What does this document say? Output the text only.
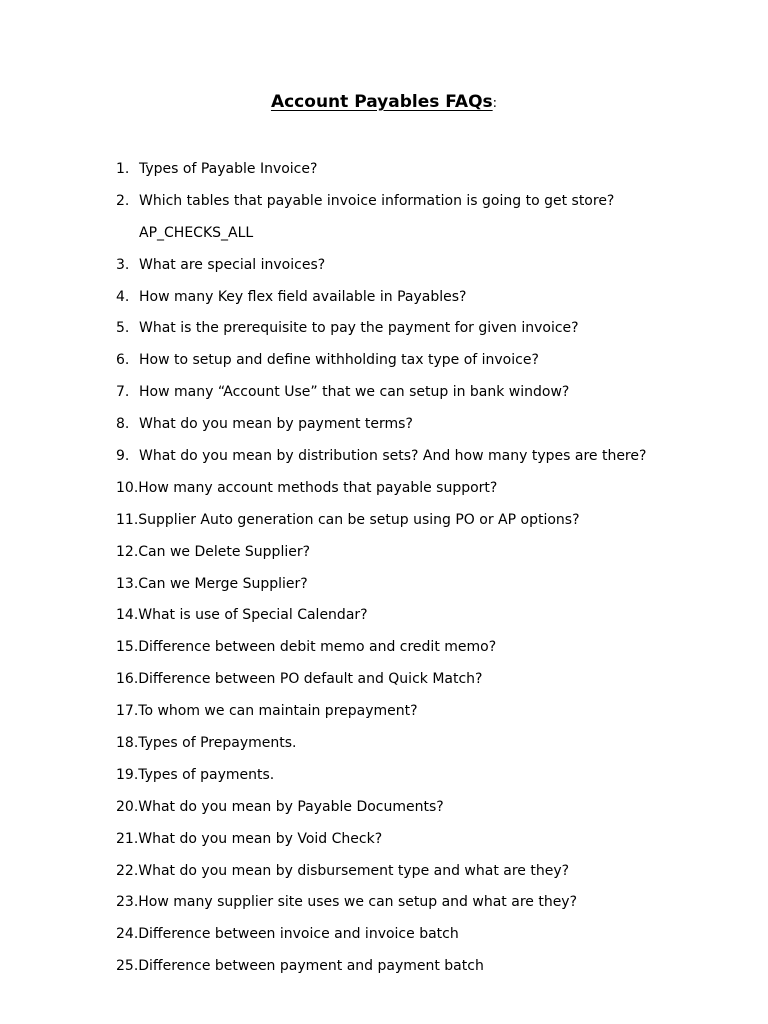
Account Payables FAQs:
1. Types of Payable Invoice?
2. Which tables that payable invoice information is going to get store?
AP_CHECKS_ALL
3. What are special invoices?
4. How many Key flex field available in Payables?
5. What is the prerequisite to pay the payment for given invoice?
6. How to setup and define withholding tax type of invoice?
7. How many “Account Use” that we can setup in bank window?
8. What do you mean by payment terms?
9. What do you mean by distribution sets? And how many types are there?
10. How many account methods that payable support?
11. Supplier Auto generation can be setup using PO or AP options?
12. Can we Delete Supplier?
13. Can we Merge Supplier?
14. What is use of Special Calendar?
15. Difference between debit memo and credit memo?
16. Difference between PO default and Quick Match?
17. To whom we can maintain prepayment?
18. Types of Prepayments.
19. Types of payments.
20. What do you mean by Payable Documents?
21. What do you mean by Void Check?
22. What do you mean by disbursement type and what are they?
23. How many supplier site uses we can setup and what are they?
24. Difference between invoice and invoice batch
25. Difference between payment and payment batch
